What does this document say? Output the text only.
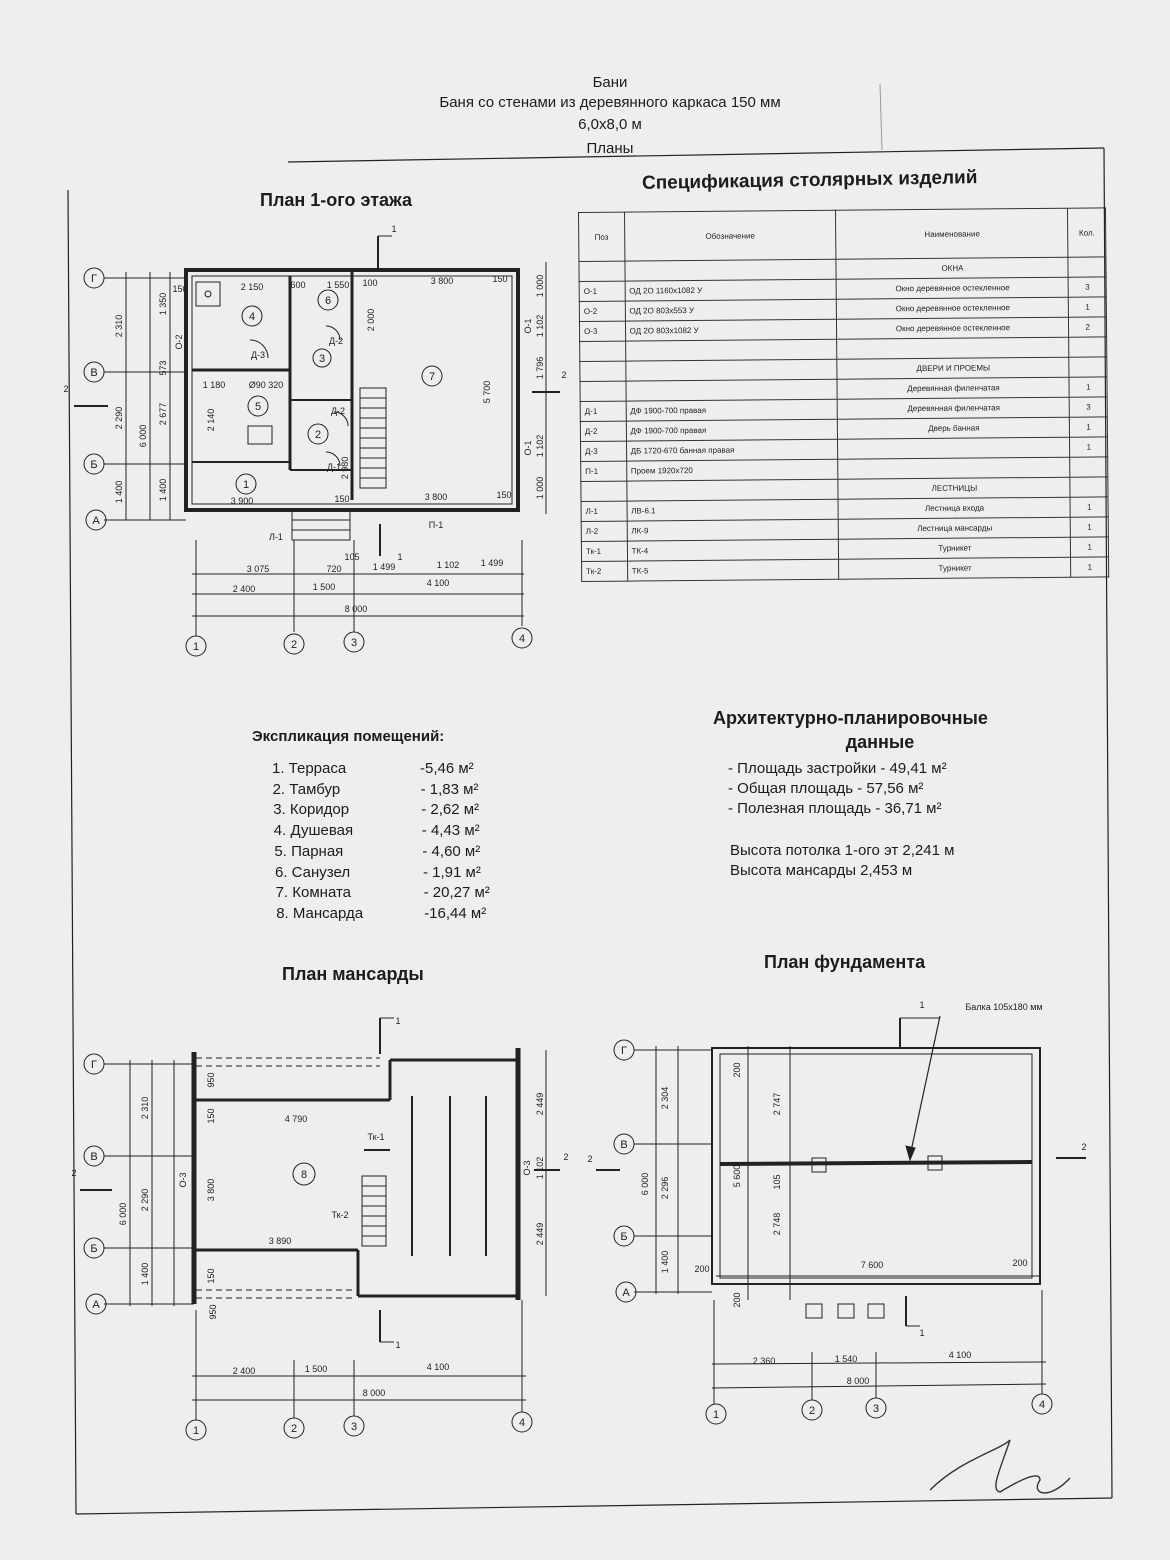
Бани
Баня со стенами из деревянного каркаса 150 мм
6,0x8,0 м
Планы
План 1-ого этажа
Спецификация столярных изделий
Экспликация помещений:
Архитектурно-планировочные
данные
План мансарды
План фундамента
Поз	Обозначение	Наименование	Кол.
		ОКНА	
О-1	ОД 2О 1160х1082 У	Окно деревянное остекленное	3
О-2	ОД 2О 803х553 У	Окно деревянное остекленное	1
О-3	ОД 2О 803х1082 У	Окно деревянное остекленное	2

		ДВЕРИ И ПРОЕМЫ	
		Деревянная филенчатая	1
Д-1	ДФ 1900-700 правая	Деревянная филенчатая	3
Д-2	ДФ 1900-700 правая	Дверь банная	1
Д-3	ДБ 1720-670 банная правая		1
П-1	Проем 1920х720		
		ЛЕСТНИЦЫ	
Л-1	ЛВ-6.1	Лестница входа	1
Л-2	ЛК-9	Лестница мансарды	1
Тк-1	ТК-4	Турникет	1
Тк-2	ТК-5	Турникет	1
1. Терраса	-5,46 м²
2. Тамбур	- 1,83 м²
3. Коридор	- 2,62 м²
4. Душевая	- 4,43 м²
5. Парная	- 4,60 м²
6. Санузел	- 1,91 м²
7. Комната	- 20,27 м²
8. Мансарда	-16,44 м²
- Площадь застройки - 49,41 м²
- Общая площадь - 57,56 м²
- Полезная площадь - 36,71 м²
Высота потолка 1-ого эт 2,241 м
Высота мансарды 2,453 м
1	2	3	4
Г
В
Б
А
1
2
3
4
5
6
7
3 075	720	1 499	1 102 1 499
2 400	1 500	4 100
8 000
105
2 150	600 1 550 100	3 800
150
150
1 180	Ø90 320
3 900	3 800
150	150
Д-3
Д-2
Д-2
Д-1
Л-1
П-1
1
1
2
2
2 310
2 290
1 400
6 000
1 350
573
2 677
1 400
2 140
5 700
2 000
2 980
1 000
1 102
1 796
1 102
1 000
О-1
О-1
О-2
1	2	3	4
Г
В
Б
А
8
4 790
3 890
2 400	1 500	4 100
8 000
Тк-1
Тк-2
1
1
2
2
3 800
2 449
2 449
1 102
2 310
2 290
1 400
6 000
950
950
150
150
О-3
О-3
1	2	3	4
Г
В
Б
А
Балка 105х180 мм
7 600
200
200
2 360	1 540	4 100
8 000
1
1
2
2
2 747
2 748
5 600	105
200
200
2 304
2 296
1 400
6 000
